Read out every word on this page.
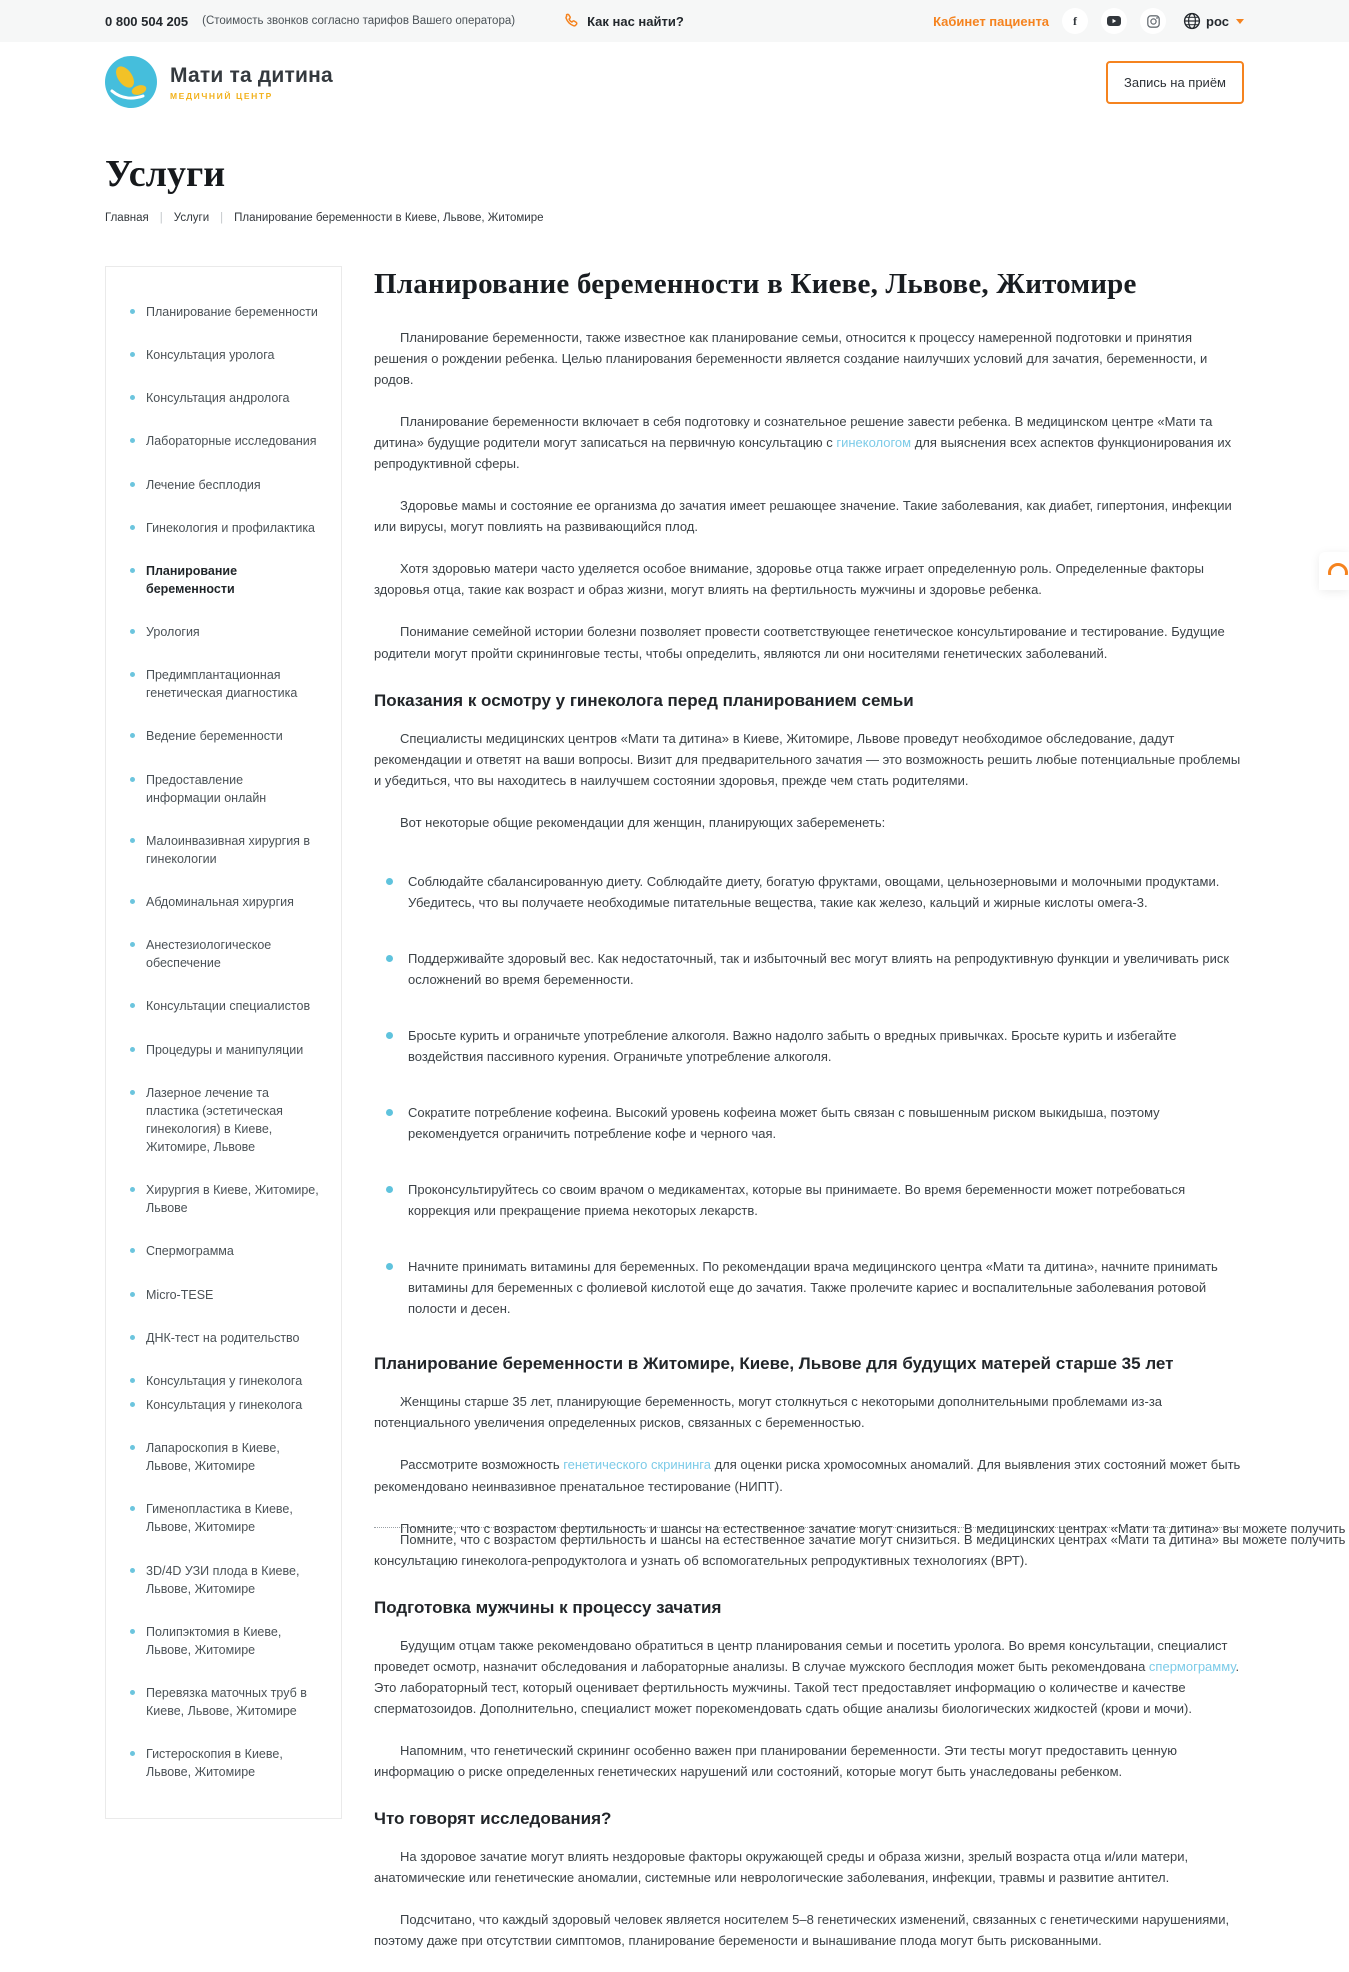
0 800 504 205 (Стоимость звонков согласно тарифов Вашего оператора)	Как нас найти?	Кабинет пациента	f	рос
Мати та дитина
МЕДИЧНИЙ ЦЕНТР
Запись на приём
Услуги
Главная | Услуги | Планирование беременности в Киеве, Львове, Житомире
Планирование беременности
Консультация уролога
Консультация андролога
Лабораторные исследования
Лечение бесплодия
Гинекология и профилактика
Планирование беременности
Урология
Предимплантационная генетическая диагностика
Ведение беременности
Предоставление информации онлайн
Малоинвазивная хирургия в гинекологии
Абдоминальная хирургия
Анестезиологическое обеспечение
Консультации специалистов
Процедуры и манипуляции
Лазерное лечение та пластика (эстетическая гинекология) в Киеве, Житомире, Львове
Хирургия в Киеве, Житомире, Львове
Спермограмма
Micro-TESE
ДНК-тест на родительство
Консультация у гинеколога
Консультация у гинеколога
Лапароскопия в Киеве, Львове, Житомире
Гименопластика в Киеве, Львове, Житомире
3D/4D УЗИ плода в Киеве, Львове, Житомире
Полипэктомия в Киеве, Львове, Житомире
Перевязка маточных труб в Киеве, Львове, Житомире
Гистероскопия в Киеве, Львове, Житомире
Планирование беременности в Киеве, Львове, Житомире

Планирование беременности, также известное как планирование семьи, относится к процессу намеренной подготовки и принятия решения о рождении ребенка. Целью планирования беременности является создание наилучших условий для зачатия, беременности, и родов.

Планирование беременности включает в себя подготовку и сознательное решение завести ребенка. В медицинском центре «Мати та дитина» будущие родители могут записаться на первичную консультацию с гинекологом для выяснения всех аспектов функционирования их репродуктивной сферы.

Здоровье мамы и состояние ее организма до зачатия имеет решающее значение. Такие заболевания, как диабет, гипертония, инфекции или вирусы, могут повлиять на развивающийся плод.

Хотя здоровью матери часто уделяется особое внимание, здоровье отца также играет определенную роль. Определенные факторы здоровья отца, такие как возраст и образ жизни, могут влиять на фертильность мужчины и здоровье ребенка.

Понимание семейной истории болезни позволяет провести соответствующее генетическое консультирование и тестирование. Будущие родители могут пройти скрининговые тесты, чтобы определить, являются ли они носителями генетических заболеваний.

Показания к осмотру у гинеколога перед планированием семьи

Специалисты медицинских центров «Мати та дитина» в Киеве, Житомире, Львове проведут необходимое обследование, дадут рекомендации и ответят на ваши вопросы. Визит для предварительного зачатия — это возможность решить любые потенциальные проблемы и убедиться, что вы находитесь в наилучшем состоянии здоровья, прежде чем стать родителями.

Вот некоторые общие рекомендации для женщин, планирующих забеременеть:

Соблюдайте сбалансированную диету. Соблюдайте диету, богатую фруктами, овощами, цельнозерновыми и молочными продуктами. Убедитесь, что вы получаете необходимые питательные вещества, такие как железо, кальций и жирные кислоты омега-3.
Поддерживайте здоровый вес. Как недостаточный, так и избыточный вес могут влиять на репродуктивную функции и увеличивать риск осложнений во время беременности.
Бросьте курить и ограничьте употребление алкоголя. Важно надолго забыть о вредных привычках. Бросьте курить и избегайте воздействия пассивного курения. Ограничьте употребление алкоголя.
Сократите потребление кофеина. Высокий уровень кофеина может быть связан с повышенным риском выкидыша, поэтому рекомендуется ограничить потребление кофе и черного чая.
Проконсультируйтесь со своим врачом о медикаментах, которые вы принимаете. Во время беременности может потребоваться коррекция или прекращение приема некоторых лекарств.
Начните принимать витамины для беременных. По рекомендации врача медицинского центра «Мати та дитина», начните принимать витамины для беременных с фолиевой кислотой еще до зачатия. Также пролечите кариес и воспалительные заболевания ротовой полости и десен.
Планирование беременности в Житомире, Киеве, Львове для будущих матерей старше 35 лет

Женщины старше 35 лет, планирующие беременность, могут столкнуться с некоторыми дополнительными проблемами из-за потенциального увеличения определенных рисков, связанных с беременностью.

Рассмотрите возможность генетического скрининга для оценки риска хромосомных аномалий. Для выявления этих состояний может быть рекомендовано неинвазивное пренатальное тестирование (НИПТ).

Помните, что с возрастом фертильность и шансы на естественное зачатие могут снизиться. В медицинских центрах «Мати та дитина» вы можете получить
Помните, что с возрастом фертильность и шансы на естественное зачатие могут снизиться. В медицинских центрах «Мати та дитина» вы можете получить
консультацию гинеколога-репродуктолога и узнать об вспомогательных репродуктивных технологиях (ВРТ).
Подготовка мужчины к процессу зачатия

Будущим отцам также рекомендовано обратиться в центр планирования семьи и посетить уролога. Во время консультации, специалист проведет осмотр, назначит обследования и лабораторные анализы. В случае мужского бесплодия может быть рекомендована спермограмму. Это лабораторный тест, который оценивает фертильность мужчины. Такой тест предоставляет информацию о количестве и качестве сперматозоидов. Дополнительно, специалист может порекомендовать сдать общие анализы биологических жидкостей (крови и мочи).

Напомним, что генетический скрининг особенно важен при планировании беременности. Эти тесты могут предоставить ценную информацию о риске определенных генетических нарушений или состояний, которые могут быть унаследованы ребенком.

Что говорят исследования?

На здоровое зачатие могут влиять нездоровые факторы окружающей среды и образа жизни, зрелый возраста отца и/или матери, анатомические или генетические аномалии, системные или неврологические заболевания, инфекции, травмы и развитие антител.

Подсчитано, что каждый здоровый человек является носителем 5–8 генетических изменений, связанных с генетическими нарушениями, поэтому даже при отсутствии симптомов, планирование беремености и вынашивание плода могут быть рискованными.
